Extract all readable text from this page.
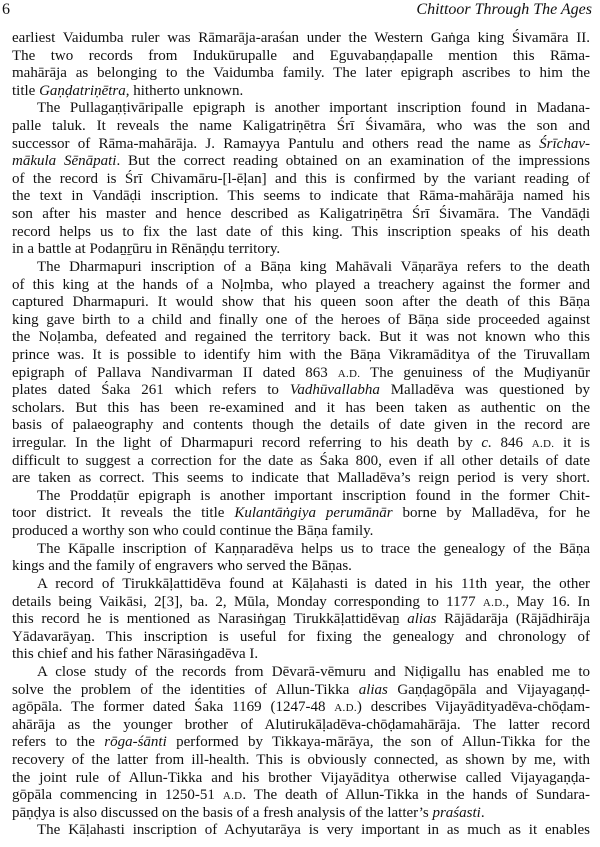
6	Chittoor Through The Ages
earliest Vaidumba ruler was Rāmarāja-araśan under the Western Gaṅga king Śivamāra II.
The two records from Indukūrupalle and Eguvabaṇḍapalle mention this Rāma-
mahārāja as belonging to the Vaidumba family. The later epigraph ascribes to him the
title Gaṇḍatriṇētra, hitherto unknown.
The Pullagaṇṭivāripalle epigraph is another important inscription found in Madana-
palle taluk. It reveals the name Kaligatriṇētra Śrī Śivamāra, who was the son and
successor of Rāma-mahārāja. J. Ramayya Pantulu and others read the name as Śrīchav-
mākula Sēnāpati. But the correct reading obtained on an examination of the impressions
of the record is Śrī Chivamāru-[l-ēḷan] and this is confirmed by the variant reading of
the text in Vandāḍi inscription. This seems to indicate that Rāma-mahārāja named his
son after his master and hence described as Kaligatriṇētra Śrī Śivamāra. The Vandāḍi
record helps us to fix the last date of this king. This inscription speaks of his death
in a battle at Podaṉṟūru in Rēnāṇḍu territory.
The Dharmapuri inscription of a Bāṇa king Mahāvali Vāṇarāya refers to the death
of this king at the hands of a Noḷmba, who played a treachery against the former and
captured Dharmapuri. It would show that his queen soon after the death of this Bāṇa
king gave birth to a child and finally one of the heroes of Bāṇa side proceeded against
the Noḷamba, defeated and regained the territory back. But it was not known who this
prince was. It is possible to identify him with the Bāṇa Vikramāditya of the Tiruvallam
epigraph of Pallava Nandivarman II dated 863 A.D. The genuiness of the Muḍiyanūr
plates dated Śaka 261 which refers to Vadhūvallabha Malladēva was questioned by
scholars. But this has been re-examined and it has been taken as authentic on the
basis of palaeography and contents though the details of date given in the record are
irregular. In the light of Dharmapuri record referring to his death by c. 846 A.D. it is
difficult to suggest a correction for the date as Śaka 800, even if all other details of date
are taken as correct. This seems to indicate that Malladēva’s reign period is very short.
The Proddaṭūr epigraph is another important inscription found in the former Chit-
toor district. It reveals the title Kulantāṅgiya perumānār borne by Malladēva, for he
produced a worthy son who could continue the Bāṇa family.
The Kāpalle inscription of Kaṇṇaradēva helps us to trace the genealogy of the Bāṇa
kings and the family of engravers who served the Bāṇas.
A record of Tirukkāḷattidēva found at Kāḷahasti is dated in his 11th year, the other
details being Vaikāsi, 2[3], ba. 2, Mūla, Monday corresponding to 1177 A.D., May 16. In
this record he is mentioned as Narasiṅgaṉ Tirukkāḷattidēvaṉ alias Rājādarāja (Rājādhirāja
Yādavarāyaṉ. This inscription is useful for fixing the genealogy and chronology of
this chief and his father Nārasiṅgadēva I.
A close study of the records from Dēvarā-vēmuru and Niḍigallu has enabled me to
solve the problem of the identities of Allun-Tikka alias Gaṇḍagōpāla and Vijayagaṇḍ-
agōpāla. The former dated Śaka 1169 (1247-48 A.D.) describes Vijayādityadēva-chōḍam-
ahārāja as the younger brother of Alutirukāḷadēva-chōḍamahārāja. The latter record
refers to the rōga-śānti performed by Tikkaya-mārāya, the son of Allun-Tikka for the
recovery of the latter from ill-health. This is obviously connected, as shown by me, with
the joint rule of Allun-Tikka and his brother Vijayāditya otherwise called Vijayagaṇḍa-
gōpāla commencing in 1250-51 A.D. The death of Allun-Tikka in the hands of Sundara-
pāṇḍya is also discussed on the basis of a fresh analysis of the latter’s praśasti.
The Kāḷahasti inscription of Achyutarāya is very important in as much as it enables
